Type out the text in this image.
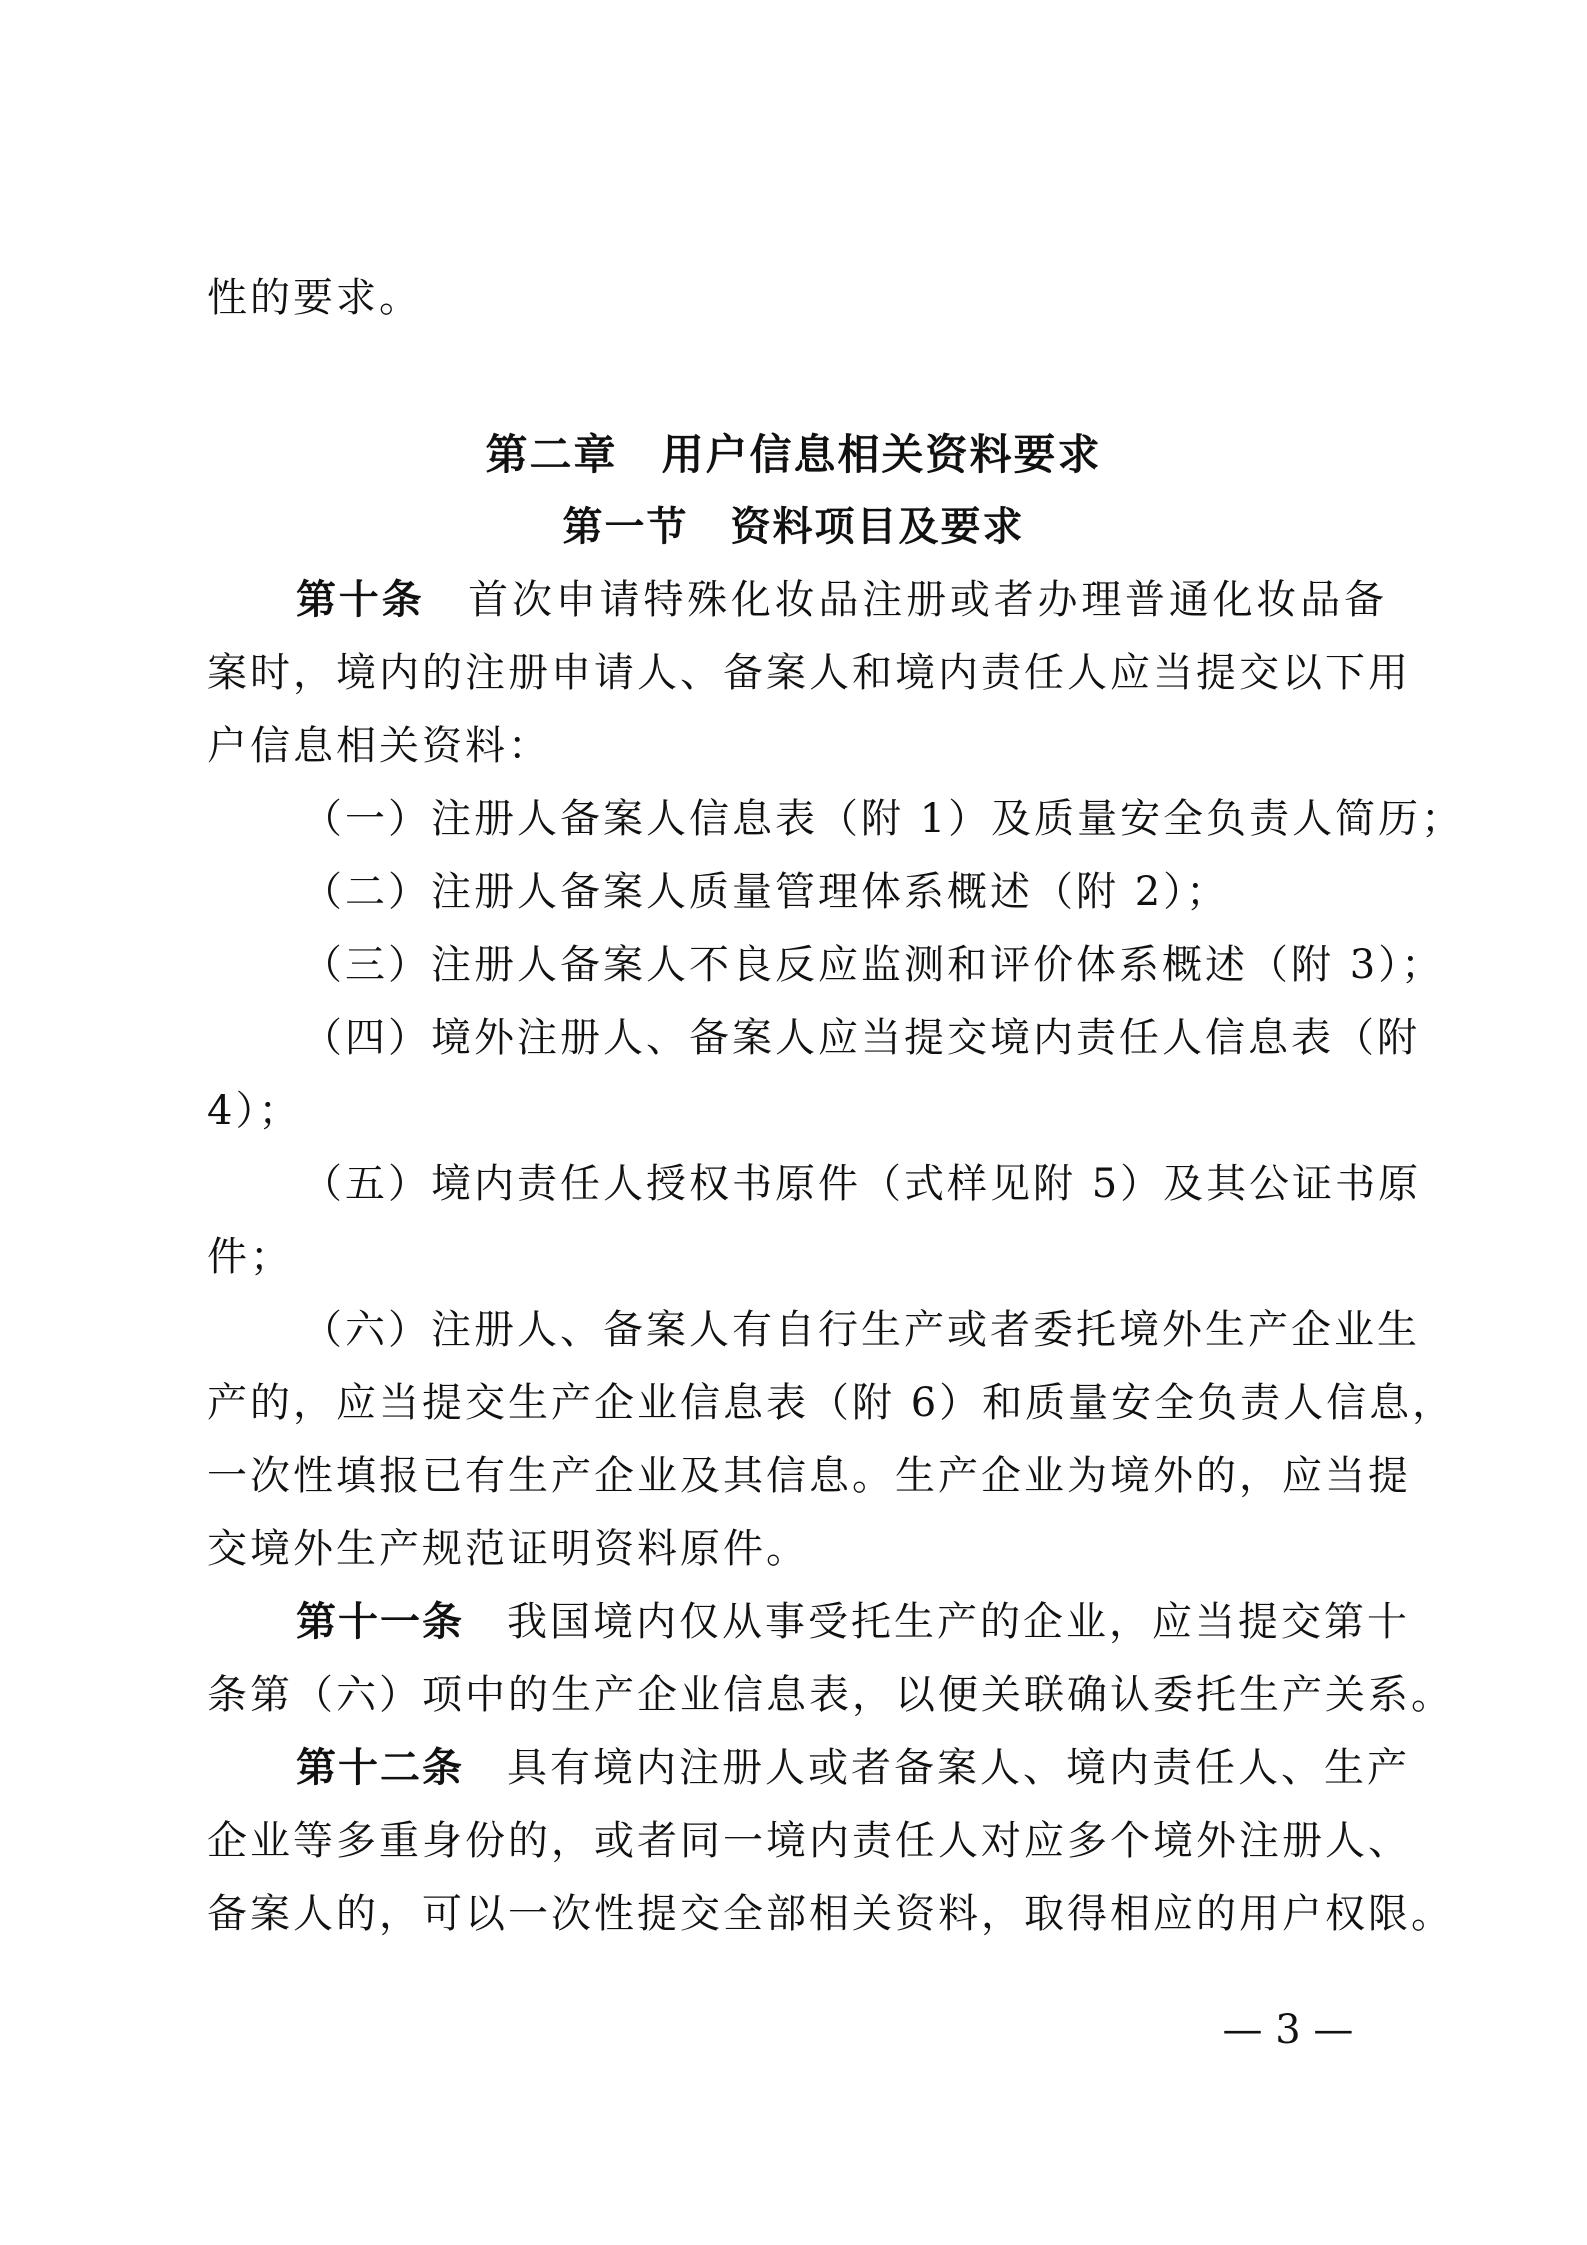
性的要求。
第二章　用户信息相关资料要求
第一节　资料项目及要求
第十条　 首次申请特殊化妆品注册或者办理普通化妆品备
案时，境内的注册申请人、备案人和境内责任人应当提交以下用
户信息相关资料：
（一）注册人备案人信息表（附 1）及质量安全负责人简历；
（二）注册人备案人质量管理体系概述（附 2）；
（三）注册人备案人不良反应监测和评价体系概述（附 3）；
（四）境外注册人、备案人应当提交境内责任人信息表（附
4）；
（五）境内责任人授权书原件（式样见附 5）及其公证书原
件；
（六）注册人、备案人有自行生产或者委托境外生产企业生
产的，应当提交生产企业信息表（附 6）和质量安全负责人信息，
一次性填报已有生产企业及其信息。生产企业为境外的，应当提
交境外生产规范证明资料原件。
第十一条　 我国境内仅从事受托生产的企业，应当提交第十
条第（六）项中的生产企业信息表，以便关联确认委托生产关系。
第十二条　 具有境内注册人或者备案人、境内责任人、生产
企业等多重身份的，或者同一境内责任人对应多个境外注册人、
备案人的，可以一次性提交全部相关资料，取得相应的用户权限。
— 3 —
